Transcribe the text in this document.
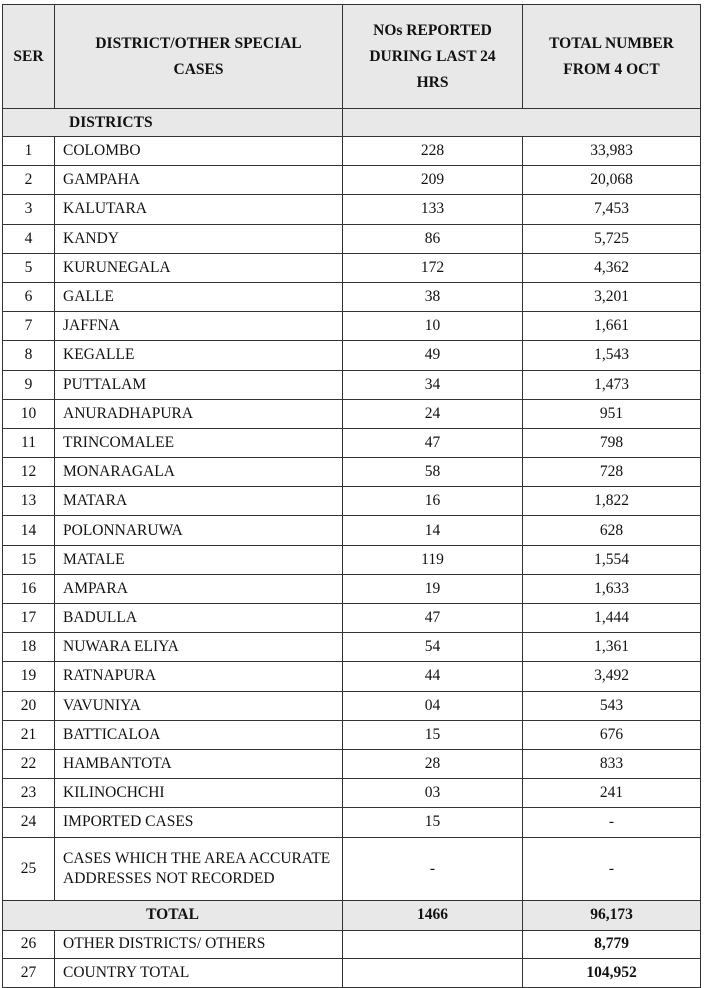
SER	DISTRICT/OTHER SPECIAL CASES	NOs REPORTED DURING LAST 24 HRS	TOTAL NUMBER FROM 4 OCT
DISTRICTS			
1	COLOMBO	228	33,983
2	GAMPAHA	209	20,068
3	KALUTARA	133	7,453
4	KANDY	86	5,725
5	KURUNEGALA	172	4,362
6	GALLE	38	3,201
7	JAFFNA	10	1,661
8	KEGALLE	49	1,543
9	PUTTALAM	34	1,473
10	ANURADHAPURA	24	951
11	TRINCOMALEE	47	798
12	MONARAGALA	58	728
13	MATARA	16	1,822
14	POLONNARUWA	14	628
15	MATALE	119	1,554
16	AMPARA	19	1,633
17	BADULLA	47	1,444
18	NUWARA ELIYA	54	1,361
19	RATNAPURA	44	3,492
20	VAVUNIYA	04	543
21	BATTICALOA	15	676
22	HAMBANTOTA	28	833
23	KILINOCHCHI	03	241
24	IMPORTED CASES	15	-
25	CASES WHICH THE AREA ACCURATE ADDRESSES NOT RECORDED	-	-
TOTAL		1466	96,173
26	OTHER DISTRICTS/ OTHERS		8,779
27	COUNTRY TOTAL		104,952
